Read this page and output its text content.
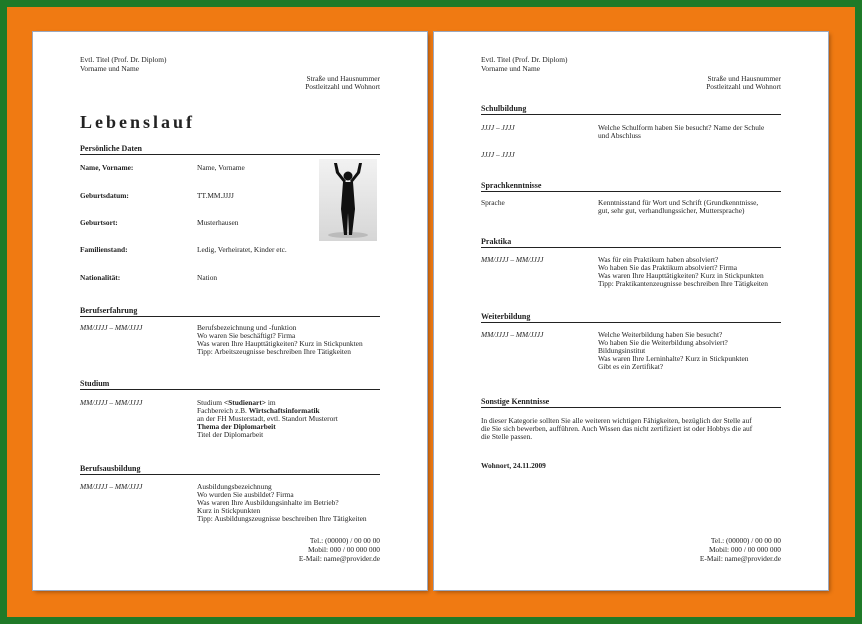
Evtl. Titel (Prof. Dr. Diplom)
Vorname und Name
Straße und Hausnummer
Postleitzahl und Wohnort
Lebenslauf
Persönliche Daten
Name, Vorname:	Name, Vorname
Geburtsdatum:	TT.MM.JJJJ
Geburtsort:	Musterhausen
Familienstand:	Ledig, Verheiratet, Kinder etc.
Nationalität:	Nation
Berufserfahrung
MM/JJJJ – MM/JJJJ	Berufsbezeichnung und -funktion
Wo waren Sie beschäftigt? Firma
Was waren Ihre Haupttätigkeiten? Kurz in Stickpunkten
Tipp: Arbeitszeugnisse beschreiben Ihre Tätigkeiten
Studium
MM/JJJJ – MM/JJJJ	Studium <Studienart> im
Fachbereich z.B. Wirtschaftsinformatik
an der FH Musterstadt, evtl. Standort Musterort
Thema der Diplomarbeit
Titel der Diplomarbeit
Berufsausbildung
MM/JJJJ – MM/JJJJ	Ausbildungsbezeichnung
Wo wurden Sie ausbildet? Firma
Was waren Ihre Ausbildungsinhalte im Betrieb?
Kurz in Stickpunkten
Tipp: Ausbildungszeugnisse beschreiben Ihre Tätigkeiten
Tel.: (00000) / 00 00 00
Mobil: 000 / 00 000 000
E-Mail: name@provider.de
Evtl. Titel (Prof. Dr. Diplom)
Vorname und Name
Straße und Hausnummer
Postleitzahl und Wohnort
Schulbildung
JJJJ – JJJJ	Welche Schulform haben Sie besucht? Name der Schule
und Abschluss
JJJJ – JJJJ
Sprachkenntnisse
Sprache	Kenntnisstand für Wort und Schrift (Grundkenntnisse,
gut, sehr gut, verhandlungssicher, Muttersprache)
Praktika
MM/JJJJ – MM/JJJJ	Was für ein Praktikum haben absolviert?
Wo haben Sie das Praktikum absolviert? Firma
Was waren Ihre Haupttätigkeiten? Kurz in Stickpunkten
Tipp: Praktikantenzeugnisse beschreiben Ihre Tätigkeiten
Weiterbildung
MM/JJJJ – MM/JJJJ	Welche Weiterbildung haben Sie besucht?
Wo haben Sie die Weiterbildung absolviert?
Bildungsinstitut
Was waren Ihre Lerninhalte? Kurz in Stickpunkten
Gibt es ein Zertifikat?
Sonstige Kenntnisse
In dieser Kategorie sollten Sie alle weiteren wichtigen Fähigkeiten, bezüglich der Stelle auf
die Sie sich bewerben, aufführen. Auch Wissen das nicht zertifiziert ist oder Hobbys die auf
die Stelle passen.
Wohnort, 24.11.2009
Tel.: (00000) / 00 00 00
Mobil: 000 / 00 000 000
E-Mail: name@provider.de
